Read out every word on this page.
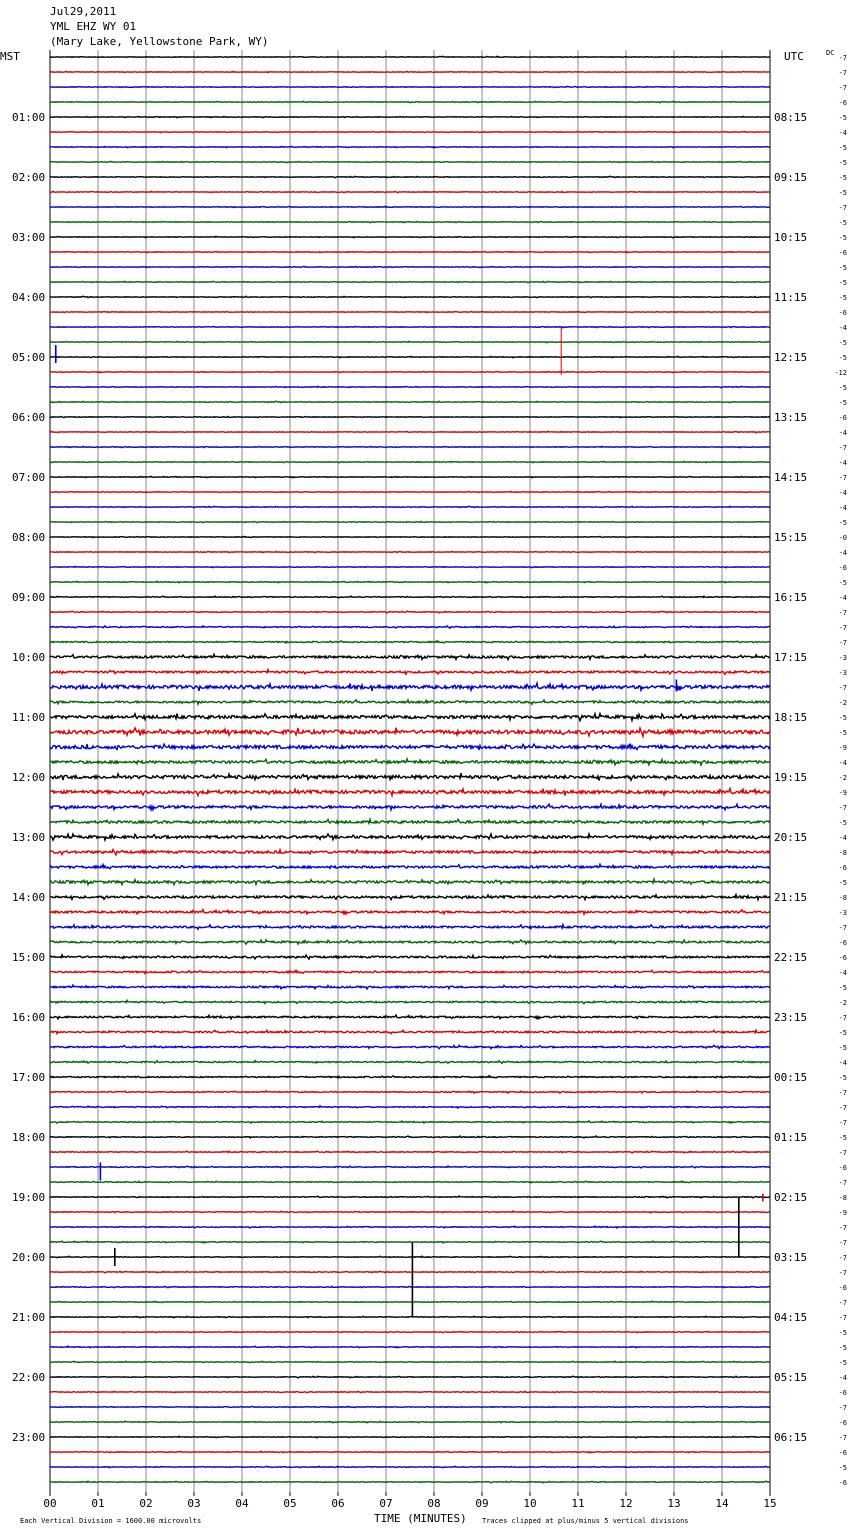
Jul29,2011
YML EHZ WY 01
(Mary Lake, Yellowstone Park, WY)
MST	UTC	DC
TIME (MINUTES)
Each Vertical Division = 1600.00 microvolts	Traces clipped at plus/minus 5 vertical divisions
01:00
02:00
03:00
04:00
05:00
06:00
07:00
08:00
09:00
10:00
11:00
12:00
13:00
14:00
15:00
16:00
17:00
18:00
19:00
20:00
21:00
22:00
23:00
08:15
09:15
10:15
11:15
12:15
13:15
14:15
15:15
16:15
17:15
18:15
19:15
20:15
21:15
22:15
23:15
00:15
01:15
02:15
03:15
04:15
05:15
06:15
-7
-7
-7
-6
-5
-4
-5
-5
-5
-5
-7
-5
-5
-6
-5
-5
-5
-6
-4
-5
-5
-12
-5
-5
-6
-4
-7
-4
-7
-4
-4
-5
-0
-4
-6
-5
-4
-7
-7
-7
-3
-3
-7
-2
-5
-5
-9
-4
-2
-9
-7
-5
-4
-8
-6
-5
-8
-3
-7
-6
-6
-4
-5
-2
-7
-5
-5
-4
-5
-7
-7
-7
-5
-7
-6
-7
-8
-9
-7
-7
-7
-7
-6
-7
-7
-5
-5
-5
-4
-6
-7
-6
-7
-6
-5
-6
00	01	02	03	04	05	06	07	08	09	10	11	12	13	14	15
